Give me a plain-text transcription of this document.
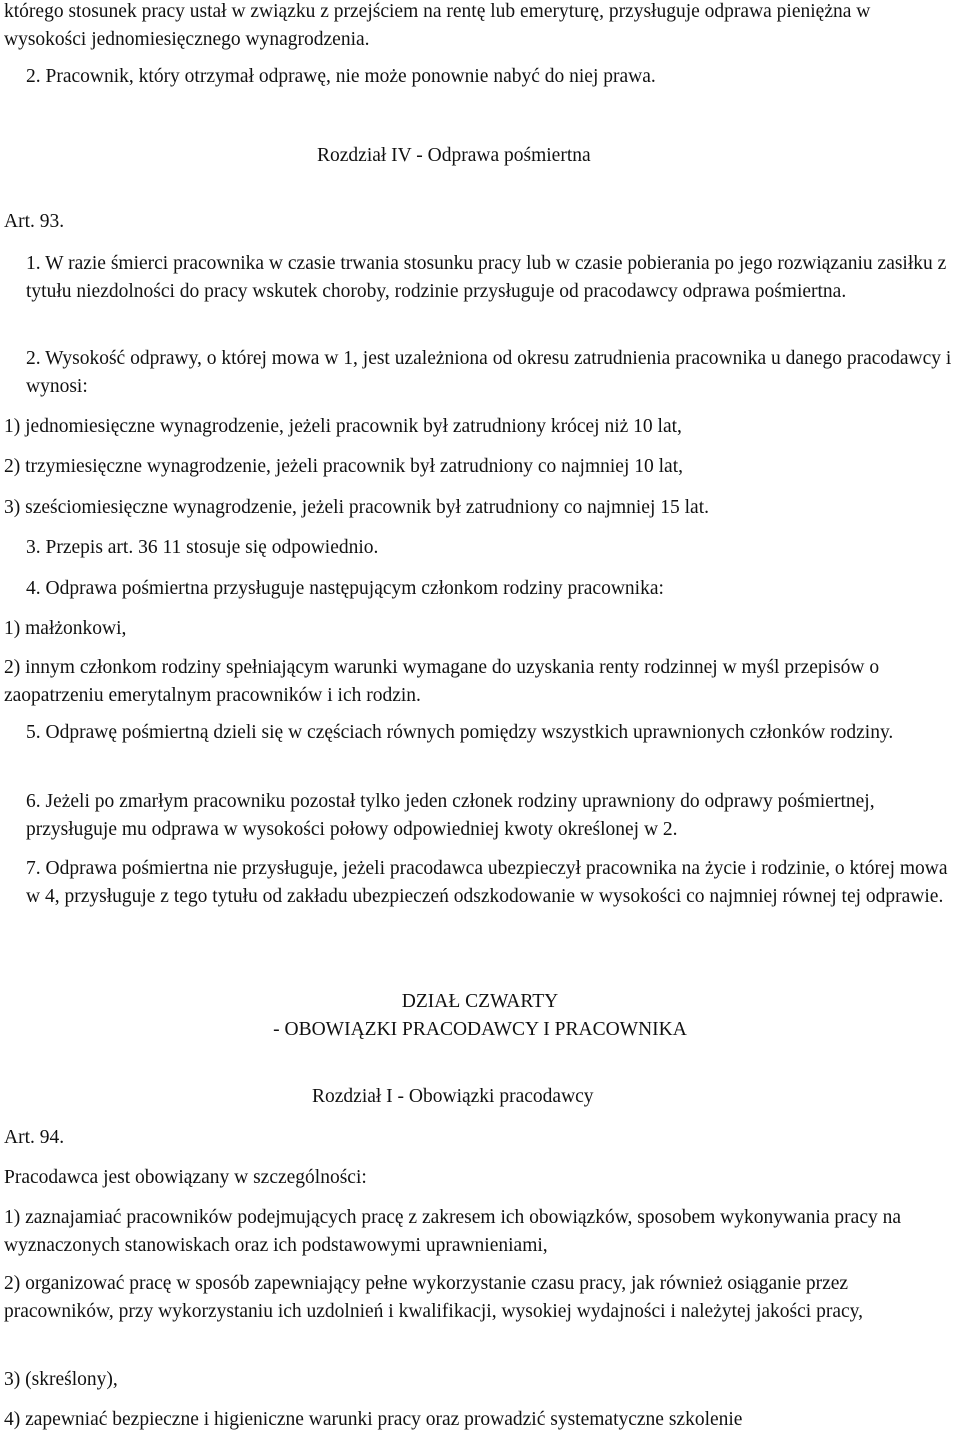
którego stosunek pracy ustał w związku z przejściem na rentę lub emeryturę, przysługuje odprawa pieniężna w wysokości jednomiesięcznego wynagrodzenia.

2. Pracownik, który otrzymał odprawę, nie może ponownie nabyć do niej prawa.

Rozdział IV - Odprawa pośmiertna

Art. 93.

1. W razie śmierci pracownika w czasie trwania stosunku pracy lub w czasie pobierania po jego rozwiązaniu zasiłku z tytułu niezdolności do pracy wskutek choroby, rodzinie przysługuje od pracodawcy odprawa pośmiertna.

2. Wysokość odprawy, o której mowa w 1, jest uzależniona od okresu zatrudnienia pracownika u danego pracodawcy i wynosi:

1) jednomiesięczne wynagrodzenie, jeżeli pracownik był zatrudniony krócej niż 10 lat,

2) trzymiesięczne wynagrodzenie, jeżeli pracownik był zatrudniony co najmniej 10 lat,

3) sześciomiesięczne wynagrodzenie, jeżeli pracownik był zatrudniony co najmniej 15 lat.

3. Przepis art. 36 11 stosuje się odpowiednio.

4. Odprawa pośmiertna przysługuje następującym członkom rodziny pracownika:

1) małżonkowi,

2) innym członkom rodziny spełniającym warunki wymagane do uzyskania renty rodzinnej w myśl przepisów o zaopatrzeniu emerytalnym pracowników i ich rodzin.

5. Odprawę pośmiertną dzieli się w częściach równych pomiędzy wszystkich uprawnionych członków rodziny.

6. Jeżeli po zmarłym pracowniku pozostał tylko jeden członek rodziny uprawniony do odprawy pośmiertnej, przysługuje mu odprawa w wysokości połowy odpowiedniej kwoty określonej w 2.

7. Odprawa pośmiertna nie przysługuje, jeżeli pracodawca ubezpieczył pracownika na życie i rodzinie, o której mowa w 4, przysługuje z tego tytułu od zakładu ubezpieczeń odszkodowanie w wysokości co najmniej równej tej odprawie.

DZIAŁ CZWARTY

- OBOWIĄZKI PRACODAWCY I PRACOWNIKA

Rozdział I - Obowiązki pracodawcy

Art. 94.

Pracodawca jest obowiązany w szczególności:

1) zaznajamiać pracowników podejmujących pracę z zakresem ich obowiązków, sposobem wykonywania pracy na wyznaczonych stanowiskach oraz ich podstawowymi uprawnieniami,

2) organizować pracę w sposób zapewniający pełne wykorzystanie czasu pracy, jak również osiąganie przez pracowników, przy wykorzystaniu ich uzdolnień i kwalifikacji, wysokiej wydajności i należytej jakości pracy,

3) (skreślony),

4) zapewniać bezpieczne i higieniczne warunki pracy oraz prowadzić systematyczne szkolenie
